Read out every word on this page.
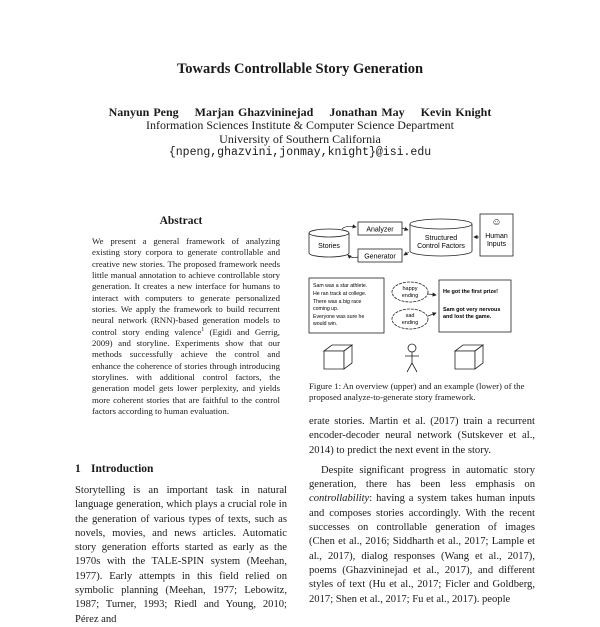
Towards Controllable Story Generation
Nanyun Peng    Marjan Ghazvininejad    Jonathan May    Kevin Knight
Information Sciences Institute & Computer Science Department
University of Southern California
{npeng,ghazvini,jonmay,knight}@isi.edu
Abstract

We present a general framework of analyzing existing story corpora to generate controllable and creative new stories. The proposed framework needs little manual annotation to achieve controllable story generation. It creates a new interface for humans to interact with computers to generate personalized stories. We apply the framework to build recurrent neural network (RNN)-based generation models to control story ending valence$^1$ (Egidi and Gerrig, 2009) and storyline. Experiments show that our methods successfully achieve the control and enhance the coherence of stories through introducing storylines. with additional control factors, the generation model gets lower perplexity, and yields more coherent stories that are faithful to the control factors according to human evaluation.

1 Introduction

Storytelling is an important task in natural language generation, which plays a crucial role in the generation of various types of texts, such as novels, movies, and news articles. Automatic story generation efforts started as early as the 1970s with the TALE-SPIN system (Meehan, 1977). Early attempts in this field relied on symbolic planning (Meehan, 1977; Lebowitz, 1987; Turner, 1993; Riedl and Young, 2010; Pérez and

Analyzer
Stories
Generator
Structured
Control Factors
☺
Human
Inputs
Sam was a star athlete.
He ran track at college.
There was a big race
coming up.
Everyone was sure he
would win.
happy
ending
sad
ending
He got the first prize!
Sam got very nervous
and lost the game.

Figure 1: An overview (upper) and an example (lower) of the proposed analyze-to-generate story framework.

erate stories. Martin et al. (2017) train a recurrent encoder-decoder neural network (Sutskever et al., 2014) to predict the next event in the story.

Despite significant progress in automatic story generation, there has been less emphasis on controllability: having a system takes human inputs and composes stories accordingly. With the recent successes on controllable generation of images (Chen et al., 2016; Siddharth et al., 2017; Lample et al., 2017), dialog responses (Wang et al., 2017), poems (Ghazvininejad et al., 2017), and different styles of text (Hu et al., 2017; Ficler and Goldberg, 2017; Shen et al., 2017; Fu et al., 2017). people
